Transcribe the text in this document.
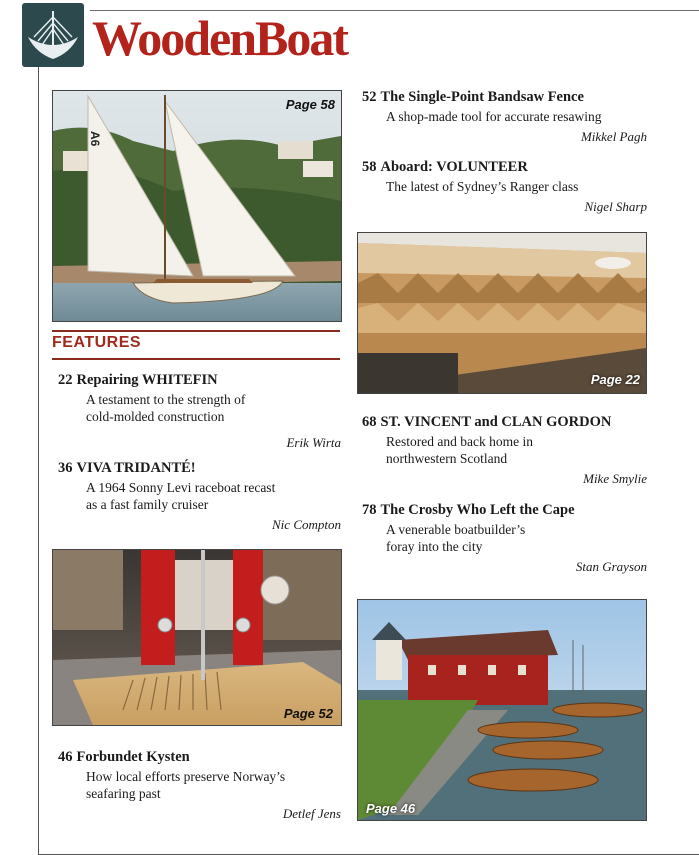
WoodenBoat
A6
Page 58
FEATURES
22 Repairing WHITEFIN
A testament to the strength of
cold-molded construction
Erik Wirta
36 VIVA TRIDANTÉ!
A 1964 Sonny Levi raceboat recast
as a fast family cruiser
Nic Compton
Page 52
46 Forbundet Kysten
How local efforts preserve Norway’s
seafaring past
Detlef Jens
52 The Single-Point Bandsaw Fence
A shop-made tool for accurate resawing
Mikkel Pagh
58 Aboard: VOLUNTEER
The latest of Sydney’s Ranger class
Nigel Sharp
Page 22
68 ST. VINCENT and CLAN GORDON
Restored and back home in
northwestern Scotland
Mike Smylie
78 The Crosby Who Left the Cape
A venerable boatbuilder’s
foray into the city
Stan Grayson
Page 46
